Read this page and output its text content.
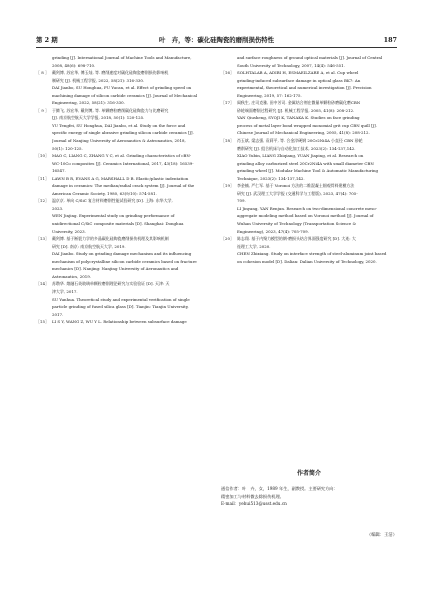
第 2 期	叶　卉，等：碳化硅陶瓷的磨削损伤特性	187
grinding [J]. International Journal of Machine Tools and Manufacture,
2008, 48(6): 698-710.
［ 8 ］ 戴剑博, 苏宏华, 傅玉灿, 等. 磨削速度对碳化硅陶瓷磨削损伤影响机
制研究 [J]. 机械工程学报, 2022, 58(21): 316-330.
DAI Jianbo, SU Honghua, FU Yucan, et al. Effect of grinding speed on
machining damage of silicon carbide ceramics [J]. Journal of Mechanical
Engineering, 2022, 58(21): 316-330.
［ 9 ］ 于腾飞, 苏宏华, 戴剑博, 等. 单颗磨粒磨削碳化硅陶瓷力与比磨研究
[J]. 南京航空航天大学学报, 2018, 50(1): 120-125.
YU Tengfei, SU Honghua, DAI Jianbo, et al. Study on the force and
specific energy of single abrasive grinding silicon carbide ceramics [J].
Journal of Nanjing University of Aeronautics & Astronautics, 2018,
50(1): 120-125.
［10］ MAO C, LIANG C, ZHANG Y C, et al. Grinding characteristics of cBN-
WC-10Co composites [J]. Ceramics International, 2017, 43(18): 16539-
16547.
［11］ LAWN B R, EVANS A G, MARSHALL D B. Elastic/plastic indentation
damage in ceramics: The median/radial crack system [J]. Journal of the
American Ceramic Society, 1980, 63(9/10): 574-581.
［12］ 温京京. 单向 C/SiC 复合材料磨削性能试验研究 [D]. 上海: 东华大学,
2023.
WEN Jinjing. Experimental study on grinding performance of
unidirectional C/SiC composite materials [D]. Shanghai: Donghua
University, 2023.
［13］ 戴剑博. 基于断裂力学的多晶碳化硅陶瓷磨削损伤机理及其影响机制
研究 [D]. 南京: 南京航空航天大学, 2019.
DAI Jianbo. Study on grinding damage mechanism and its influencing
mechanism of polycrystalline silicon carbide ceramics based on fracture
mechanics [D]. Nanjing: Nanjing University of Aeronautics and
Astronautics, 2019.
［14］ 苏瓒华. 熔融石英玻璃单颗粒磨削理论研究与实验验证 [D]. 天津: 天
津大学, 2017.
SU Yunhua. Theoretical study and experimental verification of single
particle grinding of fused silica glass [D]. Tianjin: Tianjin University,
2017.
［15］ LI S Y, WANG Z, WU Y L. Relationship between subsurface damage
and surface roughness of ground optical materials [J]. Journal of Central
South University of Technology, 2007, 14(4): 546-551.
［16］ SOLHTALAB A, ADIBI H, ESMAEILZARE A, et al. Cup wheel
grinding-induced subsurface damage in optical glass BK7: An
experimental, theoretical and numerical investigation [J]. Precision
Engineering, 2019, 57: 162-175.
［17］ 阎秋生, 庄司克雅, 田中芳司. 金属结合剂在微量单颗粒砂磨碳化磨CBN
砂轮端面磨削过程研究 [J]. 机械工程学报, 2005, 41(8): 208-212.
YAN Qiusheng, SYOJI K, TANAKA K. Studies on face grinding
process of metal layer bond wrapped monomial grit cup CBN quill [J].
Chinese Journal of Mechanical Engineering, 2005, 41(8): 208-212.
［18］ 肖玉斌, 梁志强, 袁莉平, 等. 合金淬硬钢 20Cr2Ni4A 小直径 CBN 砂轮
磨削研究 [J]. 组合机床与自动化加工技术, 2023(2): 134-137,142.
XIAO Yubin, LIANG Zhiqiang, YUAN Jiaping, et al. Research on
grinding alloy carburized steel 20Cr2Ni4A with small diameter CBN
grinding wheel [J]. Modular Machine Tool & Automatic Manufacturing
Technique, 2023(2): 134-137,142.
［19］ 李金楠, 严仁军. 基于 Voronoi 方法的二维混凝土细观骨料建模方法
研究 [J]. 武汉理工大学学报 (交通科学与工程版), 2023, 47(4): 705-
709.
LI Jinyang, YAN Renjun. Research on two-dimensional concrete meso-
aggregate modeling method based on Voronoi method [J]. Journal of
Wuhan University of Technology (Transportation Science &
Engineering), 2023, 47(4): 705-709.
［20］ 陈志翔. 基于内聚力模型的钢-磨损头结合界面强度研究 [D]. 大连: 大
连理工大学, 2020.
CHEN Zhixiang. Study on interface strength of steel-aluminum joint based
on cohesion model [D]. Dalian: Dalian University of Technology, 2020.
作者简介
通信作者：叶　卉，女，1989 年生，副教授。主要研究方向：
精密加工与材料微去除损伤机理。
E-mail：yehui513@usst.edu.cn
（编辑：王洁）
